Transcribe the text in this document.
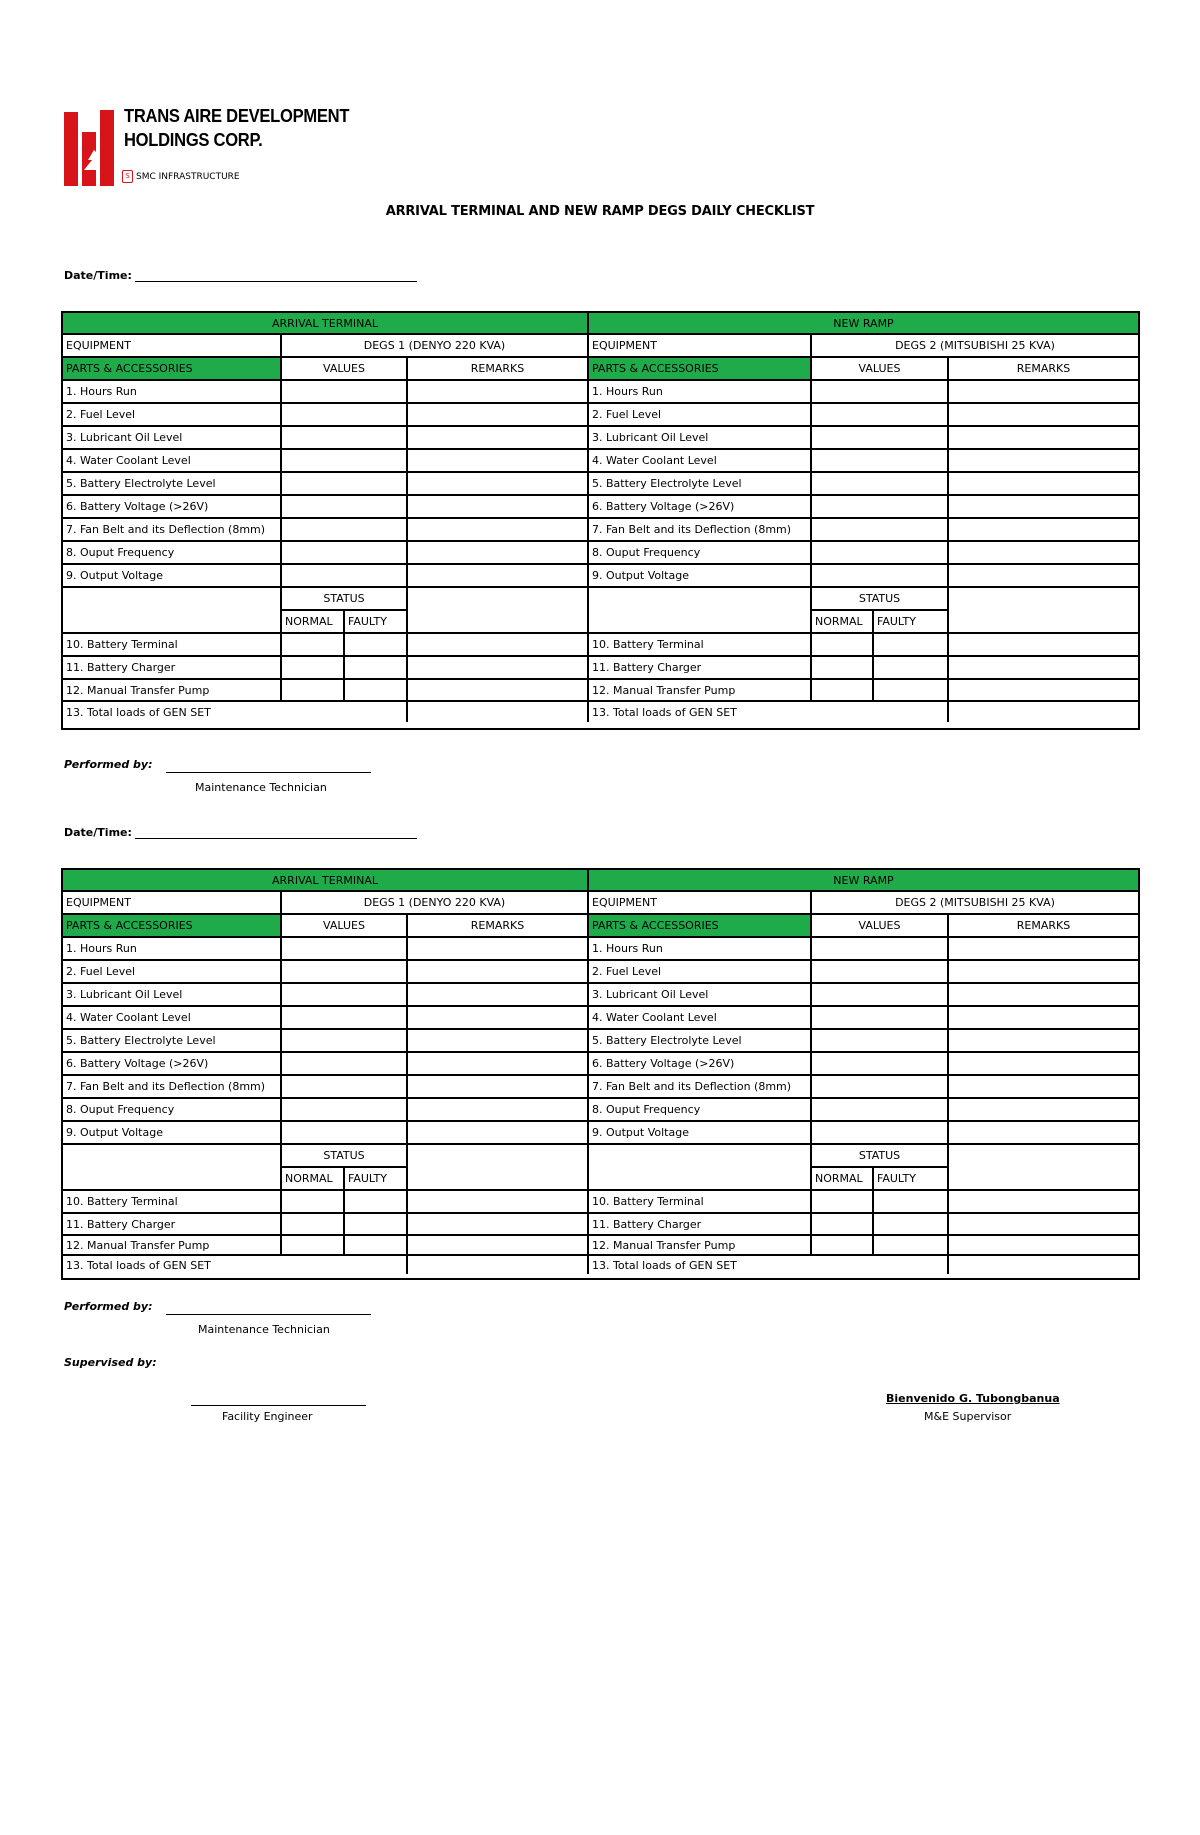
TRANS AIRE DEVELOPMENT
HOLDINGS CORP.
S SMC INFRASTRUCTURE
ARRIVAL TERMINAL AND NEW RAMP DEGS DAILY CHECKLIST
Date/Time:
ARRIVAL TERMINAL	NEW RAMP
EQUIPMENT	DEGS 1 (DENYO 220 KVA)	EQUIPMENT	DEGS 2 (MITSUBISHI 25 KVA)
PARTS & ACCESSORIES	VALUES	REMARKS	PARTS & ACCESSORIES	VALUES	REMARKS
1. Hours Run	1. Hours Run
2. Fuel Level	2. Fuel Level
3. Lubricant Oil Level	3. Lubricant Oil Level
4. Water Coolant Level	4. Water Coolant Level
5. Battery Electrolyte Level	5. Battery Electrolyte Level
6. Battery Voltage (>26V)	6. Battery Voltage (>26V)
7. Fan Belt and its Deflection (8mm)	7. Fan Belt and its Deflection (8mm)
8. Ouput Frequency	8. Ouput Frequency
9. Output Voltage	9. Output Voltage
STATUS	STATUS
NORMAL	FAULTY	NORMAL	FAULTY
10. Battery Terminal	10. Battery Terminal
11. Battery Charger	11. Battery Charger
12. Manual Transfer Pump	12. Manual Transfer Pump
13. Total loads of GEN SET	13. Total loads of GEN SET
Performed by:
Maintenance Technician
Date/Time:
ARRIVAL TERMINAL	NEW RAMP
EQUIPMENT	DEGS 1 (DENYO 220 KVA)	EQUIPMENT	DEGS 2 (MITSUBISHI 25 KVA)
PARTS & ACCESSORIES	VALUES	REMARKS	PARTS & ACCESSORIES	VALUES	REMARKS
1. Hours Run	1. Hours Run
2. Fuel Level	2. Fuel Level
3. Lubricant Oil Level	3. Lubricant Oil Level
4. Water Coolant Level	4. Water Coolant Level
5. Battery Electrolyte Level	5. Battery Electrolyte Level
6. Battery Voltage (>26V)	6. Battery Voltage (>26V)
7. Fan Belt and its Deflection (8mm)	7. Fan Belt and its Deflection (8mm)
8. Ouput Frequency	8. Ouput Frequency
9. Output Voltage	9. Output Voltage
STATUS	STATUS
NORMAL	FAULTY	NORMAL	FAULTY
10. Battery Terminal	10. Battery Terminal
11. Battery Charger	11. Battery Charger
12. Manual Transfer Pump	12. Manual Transfer Pump
13. Total loads of GEN SET	13. Total loads of GEN SET
Performed by:
Maintenance Technician
Supervised by:
Facility Engineer
Bienvenido G. Tubongbanua
M&E Supervisor
